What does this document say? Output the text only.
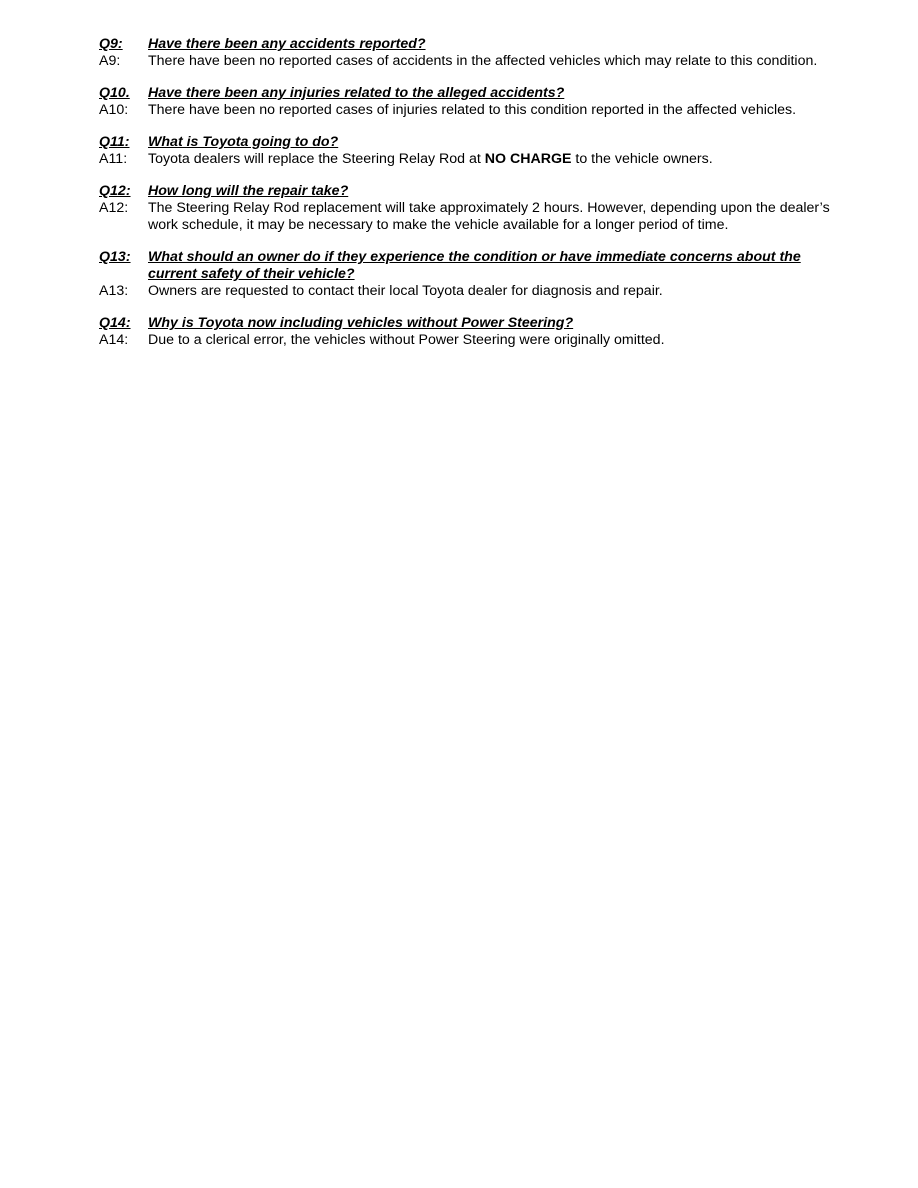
Q9:	Have there been any accidents reported?
A9:	There have been no reported cases of accidents in the affected vehicles which may relate to this condition.
Q10.	Have there been any injuries related to the alleged accidents?
A10:	There have been no reported cases of injuries related to this condition reported in the affected vehicles.
Q11:	What is Toyota going to do?
A11:	Toyota dealers will replace the Steering Relay Rod at NO CHARGE to the vehicle owners.
Q12:	How long will the repair take?
A12:	The Steering Relay Rod replacement will take approximately 2 hours. However, depending upon the dealer’s work schedule, it may be necessary to make the vehicle available for a longer period of time.
Q13:	What should an owner do if they experience the condition or have immediate concerns about the current safety of their vehicle?
A13:	Owners are requested to contact their local Toyota dealer for diagnosis and repair.
Q14:	Why is Toyota now including vehicles without Power Steering?
A14:	Due to a clerical error, the vehicles without Power Steering were originally omitted.
